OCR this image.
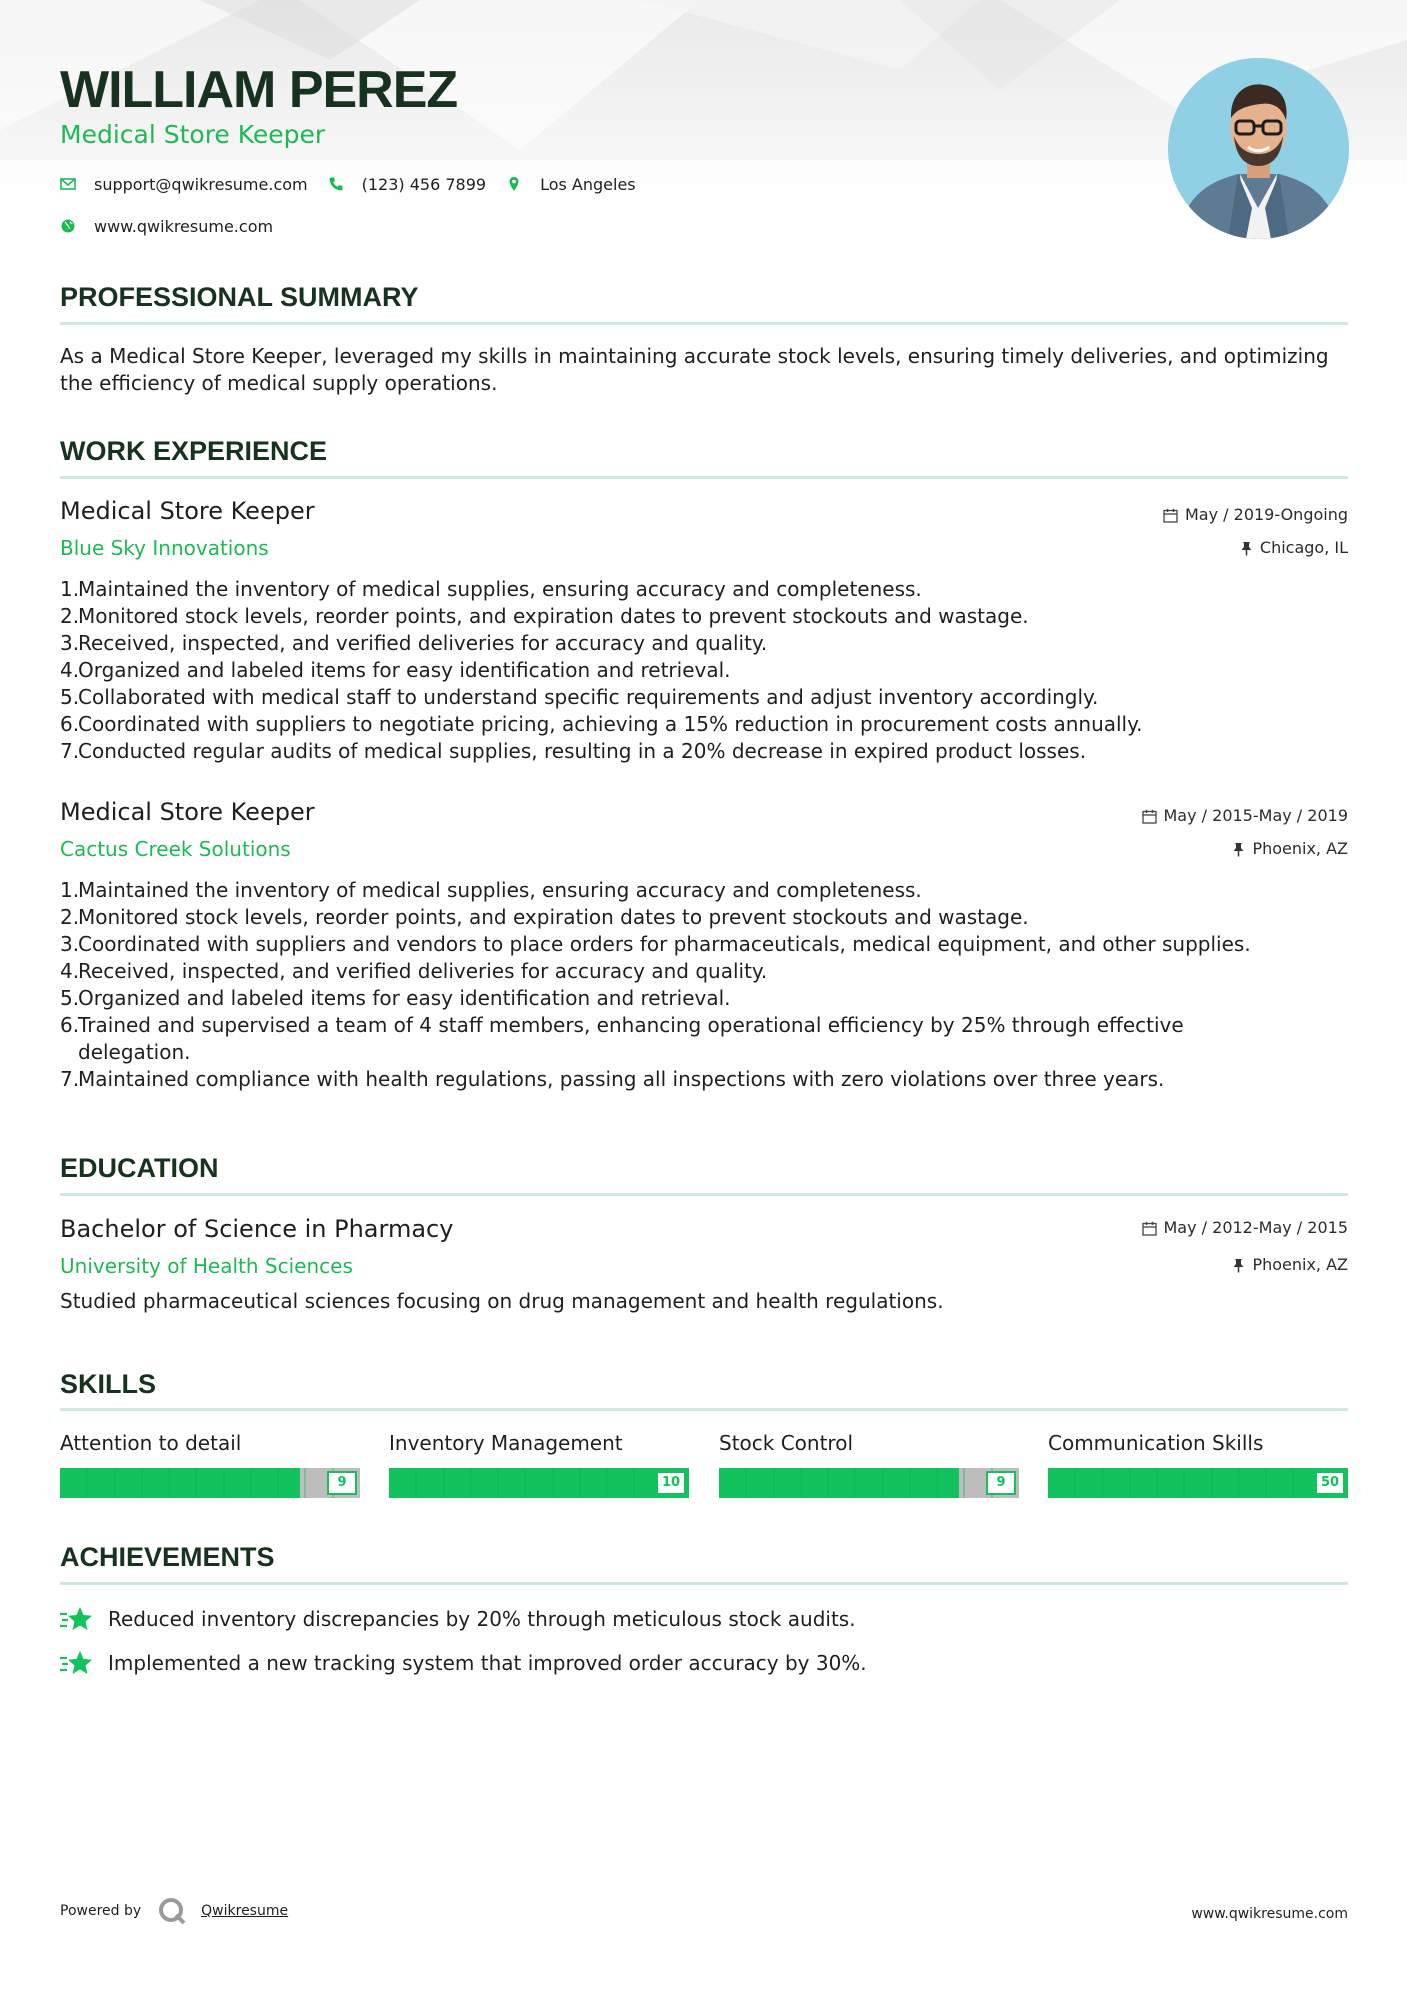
WILLIAM PEREZ
Medical Store Keeper
support@qwikresume.com	(123) 456 7899	Los Angeles
www.qwikresume.com
PROFESSIONAL SUMMARY

As a Medical Store Keeper, leveraged my skills in maintaining accurate stock levels, ensuring timely deliveries, and optimizing the efficiency of medical supply operations.

WORK EXPERIENCE
Medical Store Keeper
Blue Sky Innovations
May / 2019-Ongoing
Chicago, IL
1.
Maintained the inventory of medical supplies, ensuring accuracy and completeness.
2.
Monitored stock levels, reorder points, and expiration dates to prevent stockouts and wastage.
3.
Received, inspected, and verified deliveries for accuracy and quality.
4.
Organized and labeled items for easy identification and retrieval.
5.
Collaborated with medical staff to understand specific requirements and adjust inventory accordingly.
6.
Coordinated with suppliers to negotiate pricing, achieving a 15% reduction in procurement costs annually.
7.
Conducted regular audits of medical supplies, resulting in a 20% decrease in expired product losses.
Medical Store Keeper
Cactus Creek Solutions
May / 2015-May / 2019
Phoenix, AZ
1.
Maintained the inventory of medical supplies, ensuring accuracy and completeness.
2.
Monitored stock levels, reorder points, and expiration dates to prevent stockouts and wastage.
3.
Coordinated with suppliers and vendors to place orders for pharmaceuticals, medical equipment, and other supplies.
4.
Received, inspected, and verified deliveries for accuracy and quality.
5.
Organized and labeled items for easy identification and retrieval.
6.
Trained and supervised a team of 4 staff members, enhancing operational efficiency by 25% through effective delegation.
7.
Maintained compliance with health regulations, passing all inspections with zero violations over three years.
EDUCATION
Bachelor of Science in Pharmacy
University of Health Sciences
May / 2012-May / 2015
Phoenix, AZ

Studied pharmaceutical sciences focusing on drug management and health regulations.

SKILLS
Attention to detail
9
Inventory Management
10
Stock Control
9
Communication Skills
50
ACHIEVEMENTS
Reduced inventory discrepancies by 20% through meticulous stock audits.
Implemented a new tracking system that improved order accuracy by 30%.
Powered by	Qwikresume	www.qwikresume.com
